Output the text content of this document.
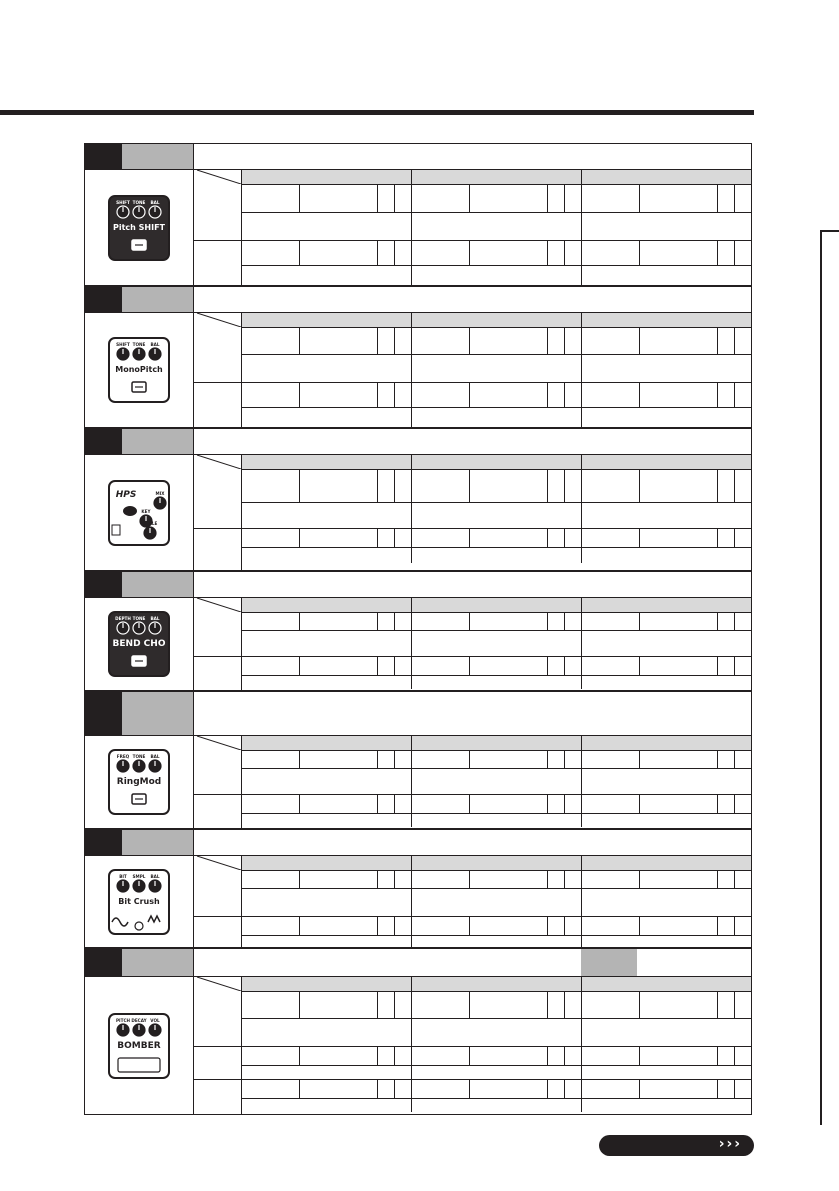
SHIFT TONE BAL
Pitch SHIFT
SHIFT TONE BAL
MonoPitch
MIX
KEY
SCALE
HPS
DEPTH TONE BAL
BEND CHO
FREQ TONE BAL
RingMod
BIT SMPL BAL
Bit Crush
PITCH DECAY VOL
BOMBER
›››
